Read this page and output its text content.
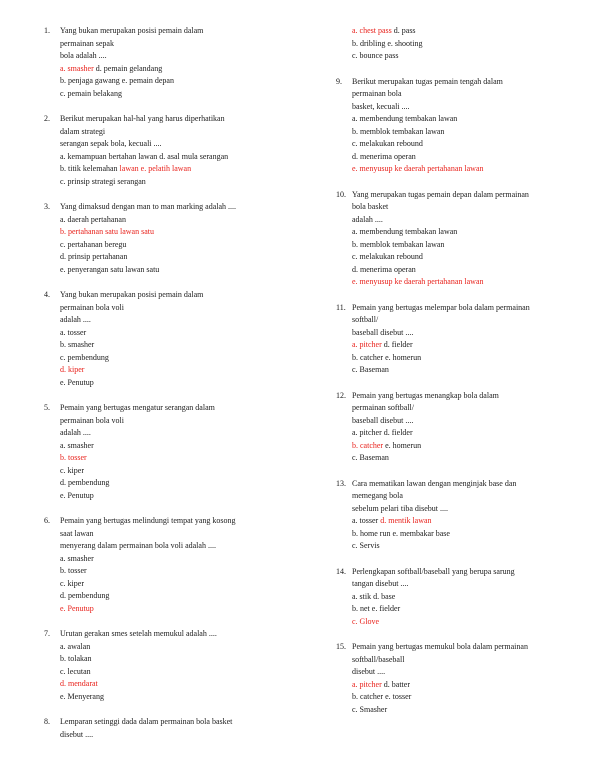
1. Yang bukan merupakan posisi pemain dalam
permainan sepak
bola adalah ....
a. smasher d. pemain gelandang
b. penjaga gawang e. pemain depan
c. pemain belakang
2. Berikut merupakan hal-hal yang harus diperhatikan
dalam strategi
serangan sepak bola, kecuali ....
a. kemampuan bertahan lawan d. asal mula serangan
b. titik kelemahan lawan e. pelatih lawan
c. prinsip strategi serangan
3. Yang dimaksud dengan man to man marking adalah ....
a. daerah pertahanan
b. pertahanan satu lawan satu
c. pertahanan beregu
d. prinsip pertahanan
e. penyerangan satu lawan satu
4. Yang bukan merupakan posisi pemain dalam
permainan bola voli
adalah ....
a. tosser
b. smasher
c. pembendung
d. kiper
e. Penutup
5. Pemain yang bertugas mengatur serangan dalam
permainan bola voli
adalah ....
a. smasher
b. tosser
c. kiper
d. pembendung
e. Penutup
6. Pemain yang bertugas melindungi tempat yang kosong
saat lawan
menyerang dalam permainan bola voli adalah ....
a. smasher
b. tosser
c. kiper
d. pembendung
e. Penutup
7. Urutan gerakan smes setelah memukul adalah ....
a. awalan
b. tolakan
c. lecutan
d. mendarat
e. Menyerang
8. Lemparan setinggi dada dalam permainan bola basket
disebut ....
a. chest pass d. pass
b. dribling e. shooting
c. bounce pass
9. Berikut merupakan tugas pemain tengah dalam
permainan bola
basket, kecuali ....
a. membendung tembakan lawan
b. memblok tembakan lawan
c. melakukan rebound
d. menerima operan
e. menyusup ke daerah pertahanan lawan
10. Yang merupakan tugas pemain depan dalam permainan
bola basket
adalah ....
a. membendung tembakan lawan
b. memblok tembakan lawan
c. melakukan rebound
d. menerima operan
e. menyusup ke daerah pertahanan lawan
11. Pemain yang bertugas melempar bola dalam permainan
softball/
baseball disebut ....
a. pitcher d. fielder
b. catcher e. homerun
c. Baseman
12. Pemain yang bertugas menangkap bola dalam
permainan softball/
baseball disebut ....
a. pitcher d. fielder
b. catcher e. homerun
c. Baseman
13. Cara mematikan lawan dengan menginjak base dan
memegang bola
sebelum pelari tiba disebut ....
a. tosser d. mentik lawan
b. home run e. membakar base
c. Servis
14. Perlengkapan softball/baseball yang berupa sarung
tangan disebut ....
a. stik d. base
b. net e. fielder
c. Glove
15. Pemain yang bertugas memukul bola dalam permainan
softball/baseball
disebut ....
a. pitcher d. batter
b. catcher e. tosser
c. Smasher
